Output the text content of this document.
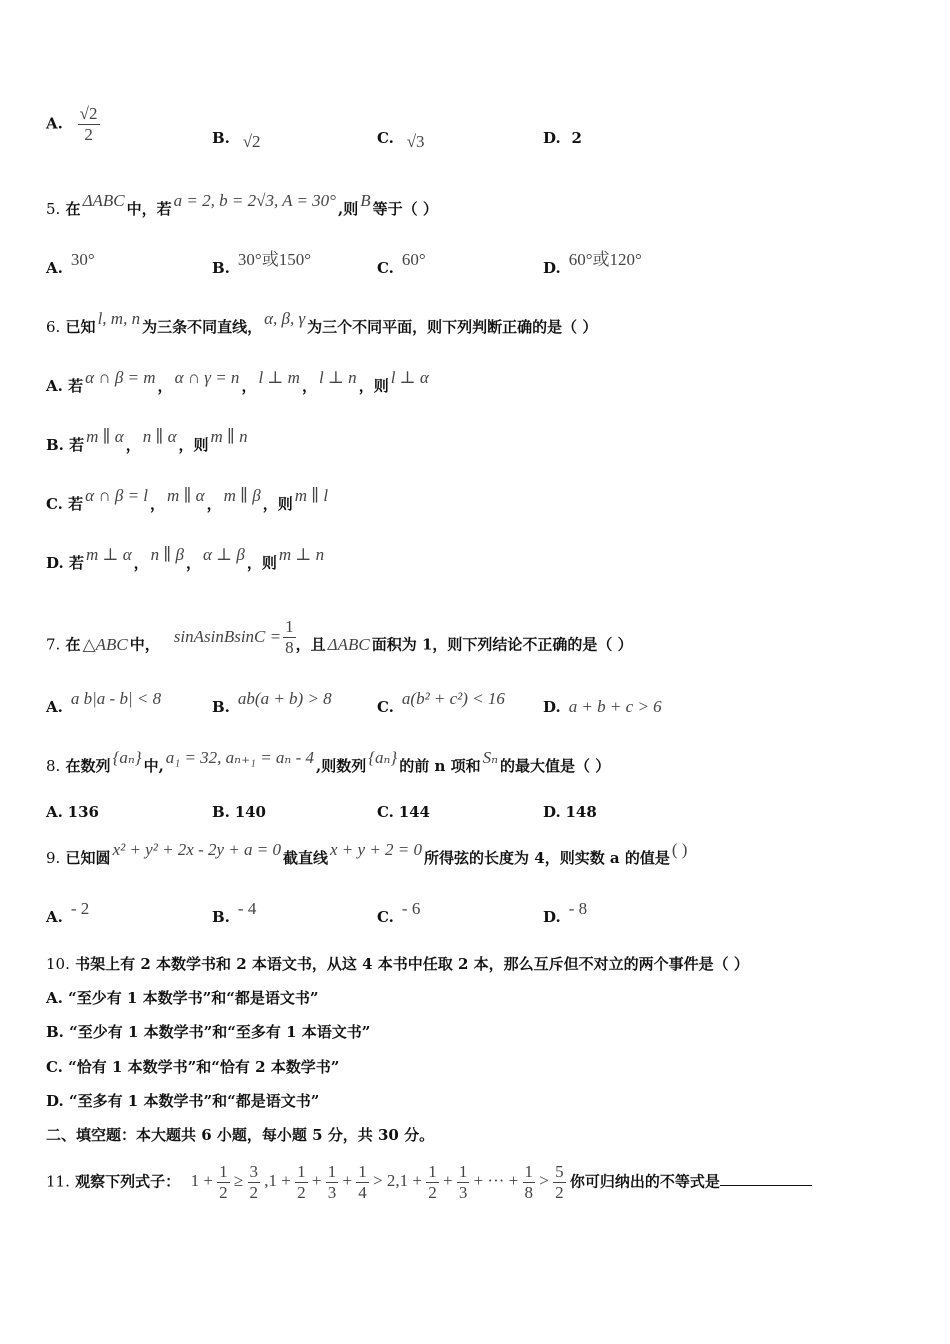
A. $\frac{√2}{2}$	B. √2	C. √3	D. 2
5. 在 ΔABC 中，若 a = 2, b = 2√3, A = 30° ,则 B 等于（ ）
A. 30°	B. 30°或150°	C. 60°	D. 60°或120°
6. 已知 l, m, n 为三条不同直线， α, β, γ 为三个不同平面，则下列判断正确的是（ ）
A. 若 α ∩ β = m ， α ∩ γ = n ， l ⊥ m ， l ⊥ n ，则 l ⊥ α
B. 若 m ∥ α ， n ∥ α ，则 m ∥ n
C. 若 α ∩ β = l ， m ∥ α ， m ∥ β ，则 m ∥ l
D. 若 m ⊥ α ， n ∥ β ， α ⊥ β ，则 m ⊥ n
7. 在 △ABC 中， sinAsinBsinC = $\frac{1}{8}$ ，且 ΔABC 面积为 1，则下列结论不正确的是（ ）
A. a b|a - b| < 8	B. ab(a + b) > 8	C. a(b² + c²) < 16	D. a + b + c > 6
8. 在数列 {aₙ} 中, a₁ = 32, aₙ₊₁ = aₙ - 4 ,则数列 {aₙ} 的前 n 项和 Sₙ 的最大值是（ ）
A. 136	B. 140	C. 144	D. 148
9. 已知圆 x² + y² + 2x - 2y + a = 0 截直线 x + y + 2 = 0 所得弦的长度为 4，则实数 a 的值是 ( )
A. - 2	B. - 4	C. - 6	D. - 8
10. 书架上有 2 本数学书和 2 本语文书，从这 4 本书中任取 2 本，那么互斥但不对立的两个事件是（ ）
A. “至少有 1 本数学书”和“都是语文书”
B. “至少有 1 本数学书”和“至多有 1 本语文书”
C. “恰有 1 本数学书”和“恰有 2 本数学书”
D. “至多有 1 本数学书”和“都是语文书”
二、填空题：本大题共 6 小题，每小题 5 分，共 30 分。
11. 观察下列式子： $1 + \frac{1}{2} \ge \frac{3}{2} ,1 + \frac{1}{2} + \frac{1}{3} + \frac{1}{4} > 2,1 + \frac{1}{2} + \frac{1}{3}$ + ··· + $\frac{1}{8} > \frac{5}{2}$ 你可归纳出的不等式是
